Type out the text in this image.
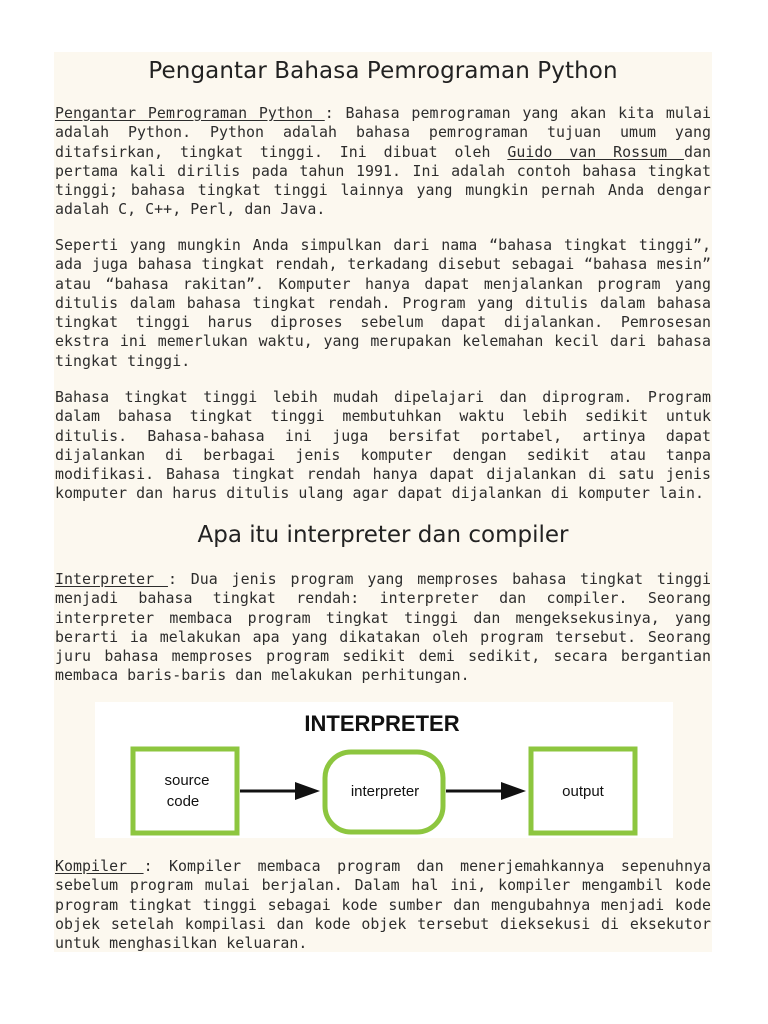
Pengantar Bahasa Pemrograman Python

Pengantar Pemrograman Python : Bahasa pemrograman yang akan kita mulai adalah Python. Python adalah bahasa pemrograman tujuan umum yang ditafsirkan, tingkat tinggi. Ini dibuat oleh Guido van Rossum dan pertama kali dirilis pada tahun 1991. Ini adalah contoh bahasa tingkat tinggi; bahasa tingkat tinggi lainnya yang mungkin pernah Anda dengar adalah C, C++, Perl, dan Java.

Seperti yang mungkin Anda simpulkan dari nama “bahasa tingkat tinggi”, ada juga bahasa tingkat rendah, terkadang disebut sebagai “bahasa mesin” atau “bahasa rakitan”. Komputer hanya dapat menjalankan program yang ditulis dalam bahasa tingkat rendah. Program yang ditulis dalam bahasa tingkat tinggi harus diproses sebelum dapat dijalankan. Pemrosesan ekstra ini memerlukan waktu, yang merupakan kelemahan kecil dari bahasa tingkat tinggi.

Bahasa tingkat tinggi lebih mudah dipelajari dan diprogram. Program dalam bahasa tingkat tinggi membutuhkan waktu lebih sedikit untuk ditulis. Bahasa-bahasa ini juga bersifat portabel, artinya dapat dijalankan di berbagai jenis komputer dengan sedikit atau tanpa modifikasi. Bahasa tingkat rendah hanya dapat dijalankan di satu jenis komputer dan harus ditulis ulang agar dapat dijalankan di komputer lain.

Apa itu interpreter dan compiler

Interpreter : Dua jenis program yang memproses bahasa tingkat tinggi menjadi bahasa tingkat rendah: interpreter dan compiler. Seorang interpreter membaca program tingkat tinggi dan mengeksekusinya, yang berarti ia melakukan apa yang dikatakan oleh program tersebut. Seorang juru bahasa memproses program sedikit demi sedikit, secara bergantian membaca baris-baris dan melakukan perhitungan.

INTERPRETER
source
code
interpreter	output

Kompiler : Kompiler membaca program dan menerjemahkannya sepenuhnya sebelum program mulai berjalan. Dalam hal ini, kompiler mengambil kode program tingkat tinggi sebagai kode sumber dan mengubahnya menjadi kode objek setelah kompilasi dan kode objek tersebut dieksekusi di eksekutor untuk menghasilkan keluaran.
